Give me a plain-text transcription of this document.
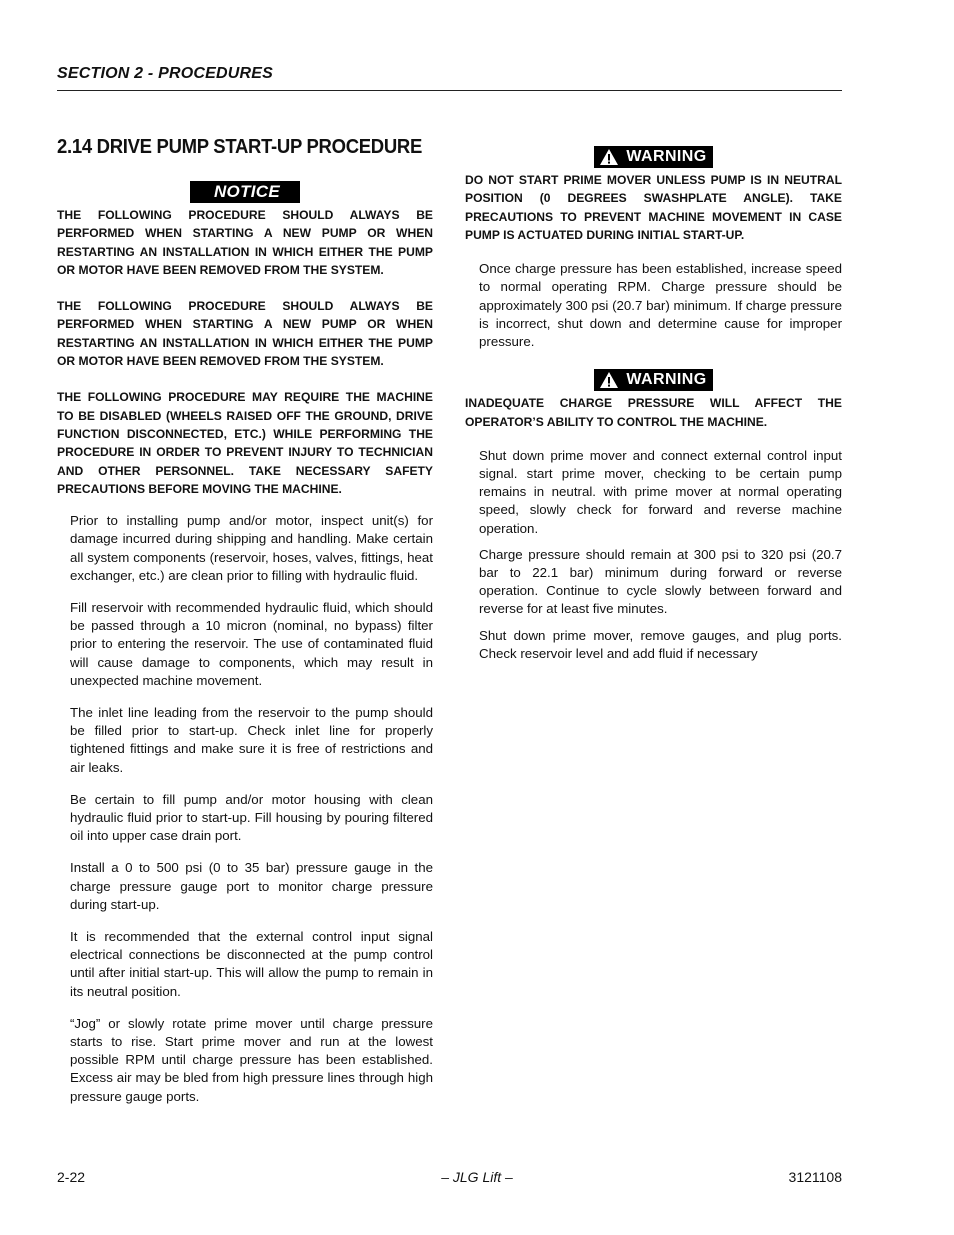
SECTION 2 - PROCEDURES
2.14 DRIVE PUMP START-UP PROCEDURE
NOTICE

THE FOLLOWING PROCEDURE SHOULD ALWAYS BE PERFORMED WHEN STARTING A NEW PUMP OR WHEN RESTARTING AN INSTALLATION IN WHICH EITHER THE PUMP OR MOTOR HAVE BEEN REMOVED FROM THE SYSTEM.

THE FOLLOWING PROCEDURE SHOULD ALWAYS BE PERFORMED WHEN STARTING A NEW PUMP OR WHEN RESTARTING AN INSTALLATION IN WHICH EITHER THE PUMP OR MOTOR HAVE BEEN REMOVED FROM THE SYSTEM.

THE FOLLOWING PROCEDURE MAY REQUIRE THE MACHINE TO BE DISABLED (WHEELS RAISED OFF THE GROUND, DRIVE FUNCTION DISCONNECTED, ETC.) WHILE PERFORMING THE PROCEDURE IN ORDER TO PREVENT INJURY TO TECHNICIAN AND OTHER PERSONNEL. TAKE NECESSARY SAFETY PRECAUTIONS BEFORE MOVING THE MACHINE.

Prior to installing pump and/or motor, inspect unit(s) for damage incurred during shipping and handling. Make certain all system components (reservoir, hoses, valves, fittings, heat exchanger, etc.) are clean prior to filling with hydraulic fluid.

Fill reservoir with recommended hydraulic fluid, which should be passed through a 10 micron (nominal, no bypass) filter prior to entering the reservoir. The use of contaminated fluid will cause damage to components, which may result in unexpected machine movement.

The inlet line leading from the reservoir to the pump should be filled prior to start-up. Check inlet line for properly tightened fittings and make sure it is free of restrictions and air leaks.

Be certain to fill pump and/or motor housing with clean hydraulic fluid prior to start-up. Fill housing by pouring filtered oil into upper case drain port.

Install a 0 to 500 psi (0 to 35 bar) pressure gauge in the charge pressure gauge port to monitor charge pressure during start-up.

It is recommended that the external control input signal electrical connections be disconnected at the pump control until after initial start-up. This will allow the pump to remain in its neutral position.

“Jog” or slowly rotate prime mover until charge pressure starts to rise. Start prime mover and run at the lowest possible RPM until charge pressure has been established. Excess air may be bled from high pressure lines through high pressure gauge ports.

WARNING

DO NOT START PRIME MOVER UNLESS PUMP IS IN NEUTRAL POSITION (0 DEGREES SWASHPLATE ANGLE). TAKE PRECAUTIONS TO PREVENT MACHINE MOVEMENT IN CASE PUMP IS ACTUATED DURING INITIAL START-UP.

Once charge pressure has been established, increase speed to normal operating RPM. Charge pressure should be approximately 300 psi (20.7 bar) minimum. If charge pressure is incorrect, shut down and determine cause for improper pressure.

WARNING

INADEQUATE CHARGE PRESSURE WILL AFFECT THE OPERATOR’S ABILITY TO CONTROL THE MACHINE.

Shut down prime mover and connect external control input signal. start prime mover, checking to be certain pump remains in neutral. with prime mover at normal operating speed, slowly check for forward and reverse machine operation.

Charge pressure should remain at 300 psi to 320 psi (20.7 bar to 22.1 bar) minimum during forward or reverse operation. Continue to cycle slowly between forward and reverse for at least five minutes.

Shut down prime mover, remove gauges, and plug ports. Check reservoir level and add fluid if necessary

2-22	– JLG Lift –	3121108
